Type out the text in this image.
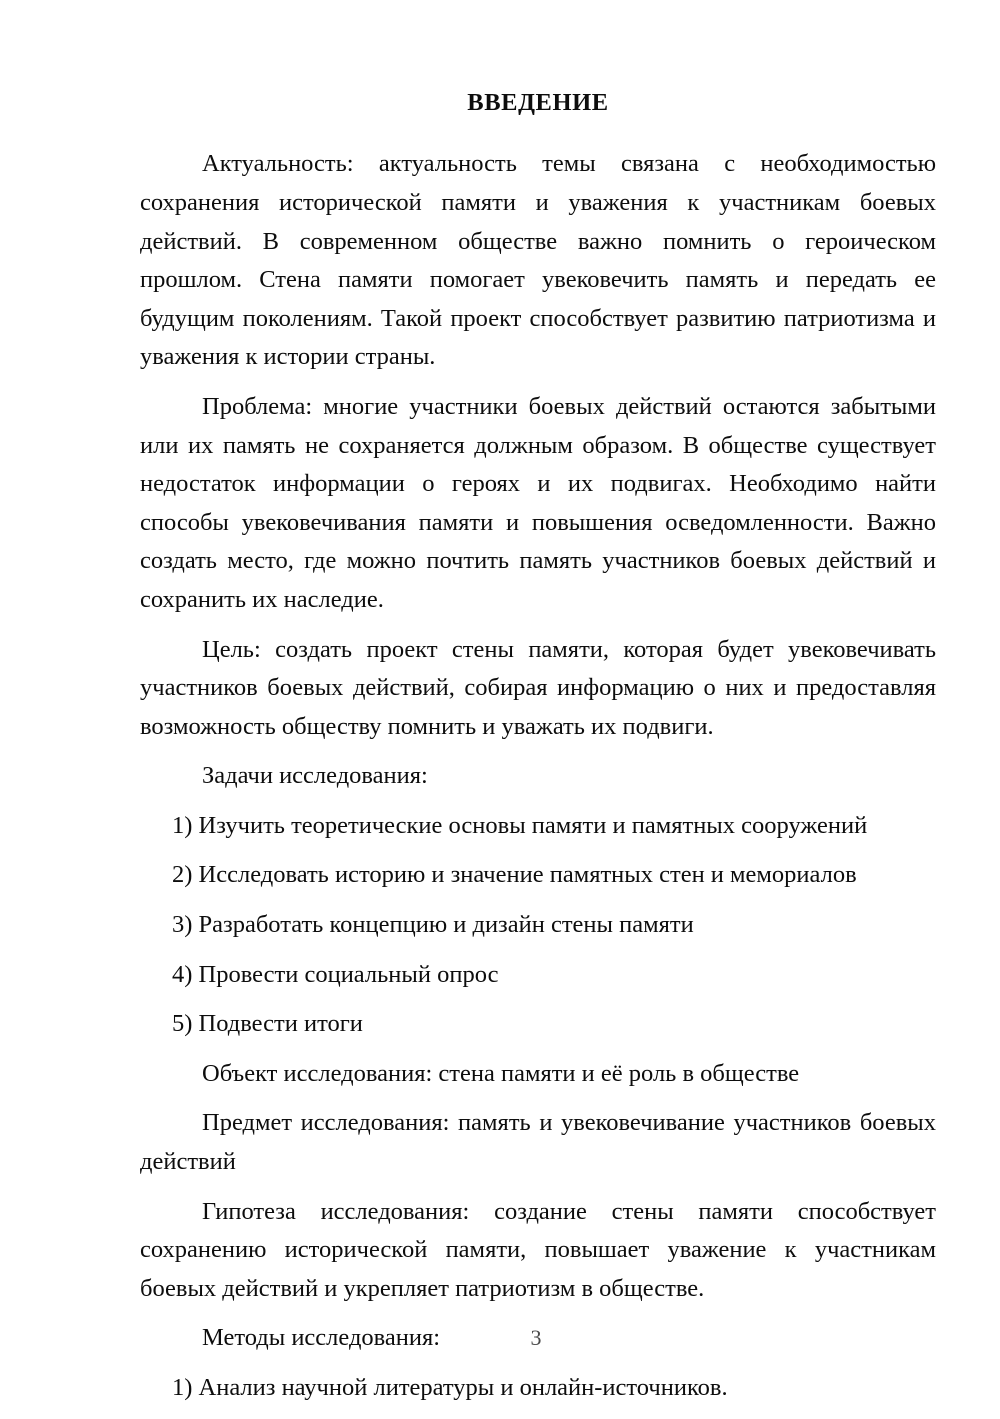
ВВЕДЕНИЕ

Актуальность: актуальность темы связана с необходимостью сохранения исторической памяти и уважения к участникам боевых действий. В современном обществе важно помнить о героическом прошлом. Стена памяти помогает увековечить память и передать ее будущим поколениям. Такой проект способствует развитию патриотизма и уважения к истории страны.

Проблема: многие участники боевых действий остаются забытыми или их память не сохраняется должным образом. В обществе существует недостаток информации о героях и их подвигах. Необходимо найти способы увековечивания памяти и повышения осведомленности. Важно создать место, где можно почтить память участников боевых действий и сохранить их наследие.

Цель: создать проект стены памяти, которая будет увековечивать участников боевых действий, собирая информацию о них и предоставляя возможность обществу помнить и уважать их подвиги.

Задачи исследования:

1) Изучить теоретические основы памяти и памятных сооружений

2) Исследовать историю и значение памятных стен и мемориалов

3) Разработать концепцию и дизайн стены памяти

4) Провести социальный опрос

5) Подвести итоги

Объект исследования: стена памяти и её роль в обществе

Предмет исследования: память и увековечивание участников боевых действий

Гипотеза исследования: создание стены памяти способствует сохранению исторической памяти, повышает уважение к участникам боевых действий и укрепляет патриотизм в обществе.

Методы исследования:

1) Анализ научной литературы и онлайн-источников.

3
